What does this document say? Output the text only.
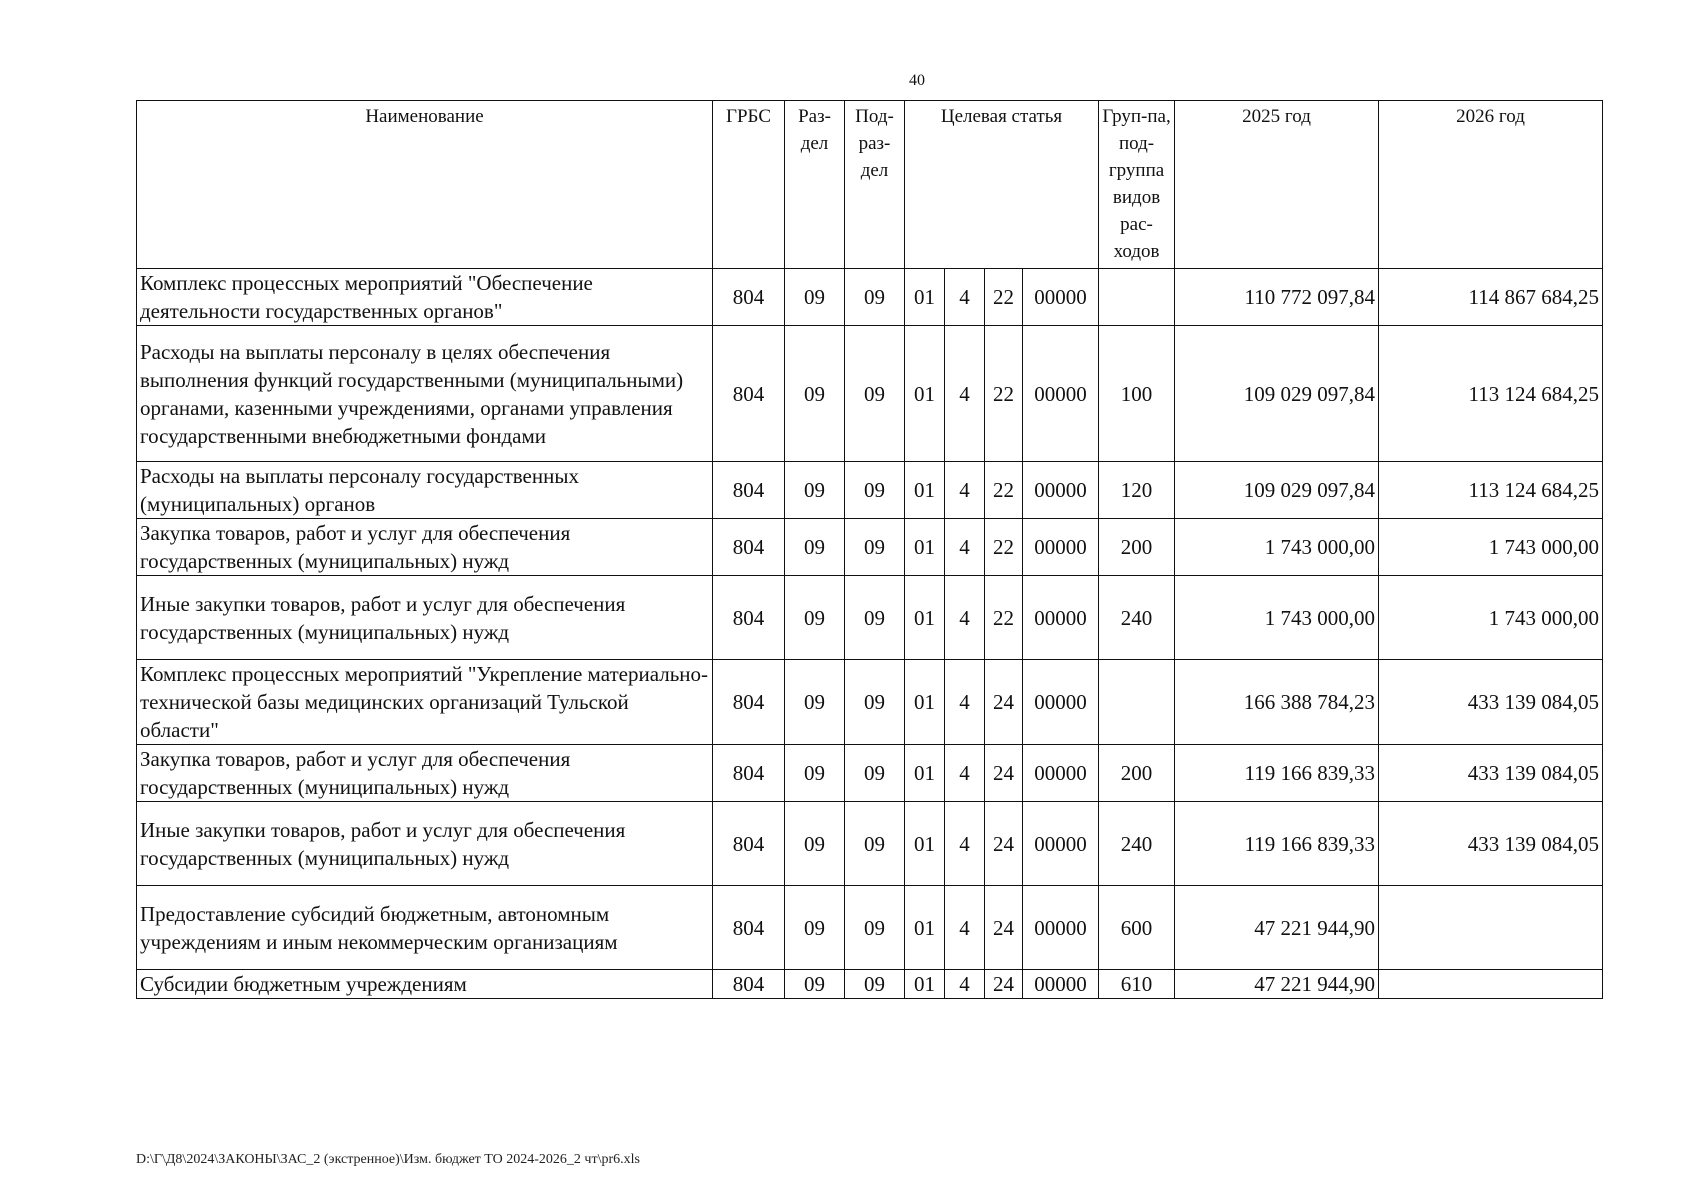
40
Наименование	ГРБС	Раз-дел	Под-раз-дел	Целевая статья				Груп-па, под-группа видов рас-ходов	2025 год	2026 год
Комплекс процессных мероприятий "Обеспечение деятельности государственных органов"	804	09	09	01	4	22	00000		110 772 097,84	114 867 684,25
Расходы на выплаты персоналу в целях обеспечения выполнения функций государственными (муниципальными) органами, казенными учреждениями, органами управления государственными внебюджетными фондами	804	09	09	01	4	22	00000	100	109 029 097,84	113 124 684,25
Расходы на выплаты персоналу государственных (муниципальных) органов	804	09	09	01	4	22	00000	120	109 029 097,84	113 124 684,25
Закупка товаров, работ и услуг для обеспечения государственных (муниципальных) нужд	804	09	09	01	4	22	00000	200	1 743 000,00	1 743 000,00
Иные закупки товаров, работ и услуг для обеспечения государственных (муниципальных) нужд	804	09	09	01	4	22	00000	240	1 743 000,00	1 743 000,00
Комплекс процессных мероприятий "Укрепление материально-технической базы медицинских организаций Тульской области"	804	09	09	01	4	24	00000		166 388 784,23	433 139 084,05
Закупка товаров, работ и услуг для обеспечения государственных (муниципальных) нужд	804	09	09	01	4	24	00000	200	119 166 839,33	433 139 084,05
Иные закупки товаров, работ и услуг для обеспечения государственных (муниципальных) нужд	804	09	09	01	4	24	00000	240	119 166 839,33	433 139 084,05
Предоставление субсидий бюджетным, автономным учреждениям и иным некоммерческим организациям	804	09	09	01	4	24	00000	600	47 221 944,90	
Субсидии бюджетным учреждениям	804	09	09	01	4	24	00000	610	47 221 944,90	
D:\Г\Д8\2024\ЗАКОНЫ\ЗАС_2 (экстренное)\Изм. бюджет ТО 2024-2026_2 чт\pr6.xls
